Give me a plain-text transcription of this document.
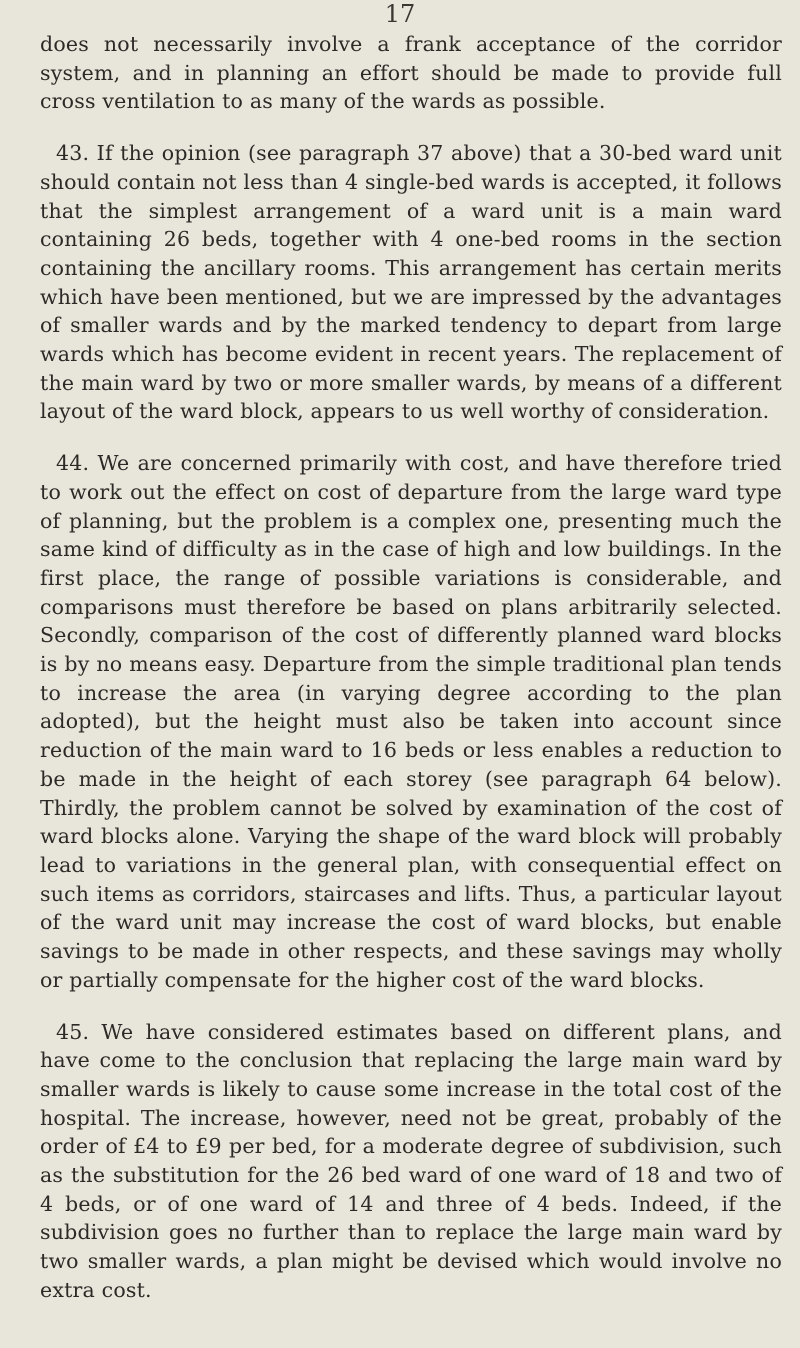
17

does not necessarily involve a frank acceptance of the corridor system, and in planning an effort should be made to provide full cross ventilation to as many of the wards as possible.

43. If the opinion (see paragraph 37 above) that a 30-bed ward unit should contain not less than 4 single-bed wards is accepted, it follows that the simplest arrangement of a ward unit is a main ward containing 26 beds, together with 4 one-bed rooms in the section containing the ancillary rooms. This arrangement has certain merits which have been mentioned, but we are impressed by the advantages of smaller wards and by the marked tendency to depart from large wards which has become evident in recent years. The replacement of the main ward by two or more smaller wards, by means of a different layout of the ward block, appears to us well worthy of consideration.

44. We are concerned primarily with cost, and have therefore tried to work out the effect on cost of departure from the large ward type of planning, but the problem is a complex one, presenting much the same kind of difficulty as in the case of high and low buildings. In the first place, the range of possible variations is considerable, and comparisons must therefore be based on plans arbitrarily selected. Secondly, comparison of the cost of differently planned ward blocks is by no means easy. Departure from the simple traditional plan tends to increase the area (in varying degree according to the plan adopted), but the height must also be taken into account since reduction of the main ward to 16 beds or less enables a reduction to be made in the height of each storey (see paragraph 64 below). Thirdly, the problem cannot be solved by examination of the cost of ward blocks alone. Varying the shape of the ward block will probably lead to variations in the general plan, with consequential effect on such items as corridors, staircases and lifts. Thus, a particular layout of the ward unit may increase the cost of ward blocks, but enable savings to be made in other respects, and these savings may wholly or partially compensate for the higher cost of the ward blocks.

45. We have considered estimates based on different plans, and have come to the conclusion that replacing the large main ward by smaller wards is likely to cause some increase in the total cost of the hospital. The increase, however, need not be great, probably of the order of £4 to £9 per bed, for a moderate degree of subdivision, such as the substitution for the 26 bed ward of one ward of 18 and two of 4 beds, or of one ward of 14 and three of 4 beds. Indeed, if the subdivision goes no further than to replace the large main ward by two smaller wards, a plan might be devised which would involve no extra cost.
